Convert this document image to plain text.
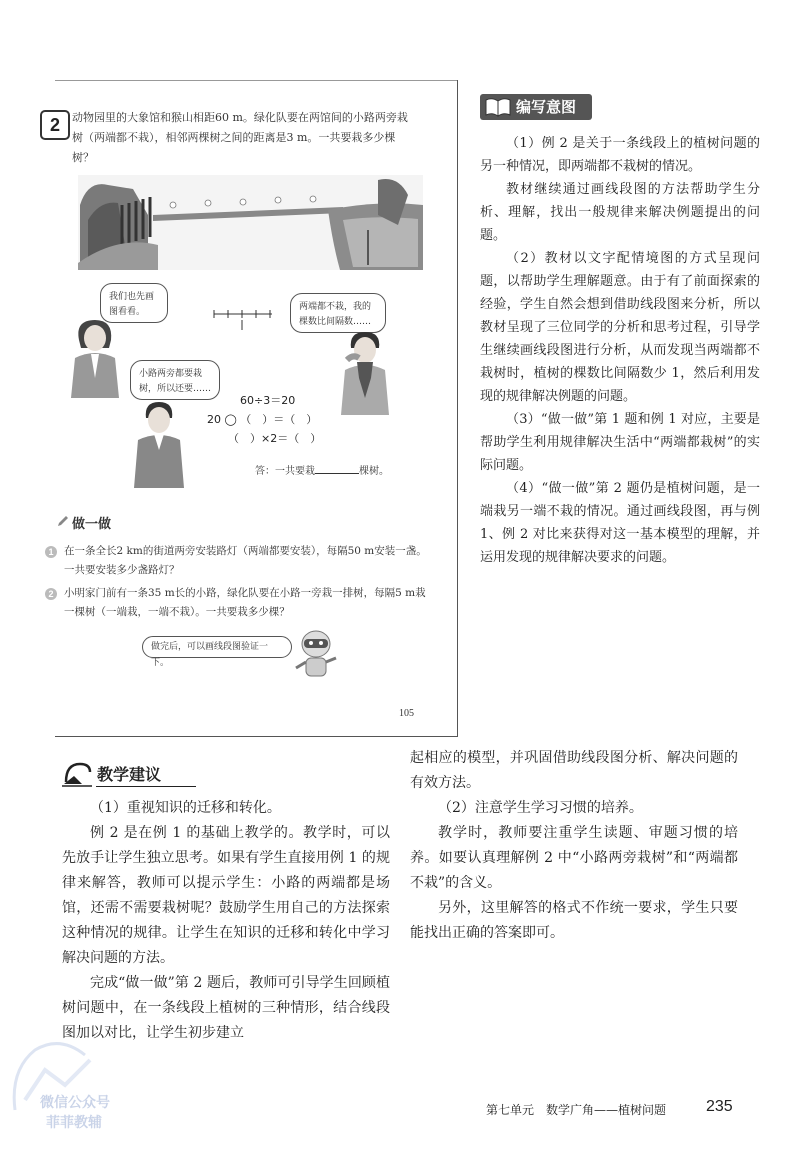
2	动物园里的大象馆和猴山相距60 m。绿化队要在两馆间的小路两旁栽树（两端都不栽），相邻两棵树之间的距离是3 m。一共要栽多少棵树？
我们也先画图看看。	两端都不栽，我的棵数比间隔数……
小路两旁都要栽树，所以还要……
60÷3＝20
20 ◯ （　）＝（　）
（　）×2＝（　）
答：一共要栽	棵树。
做一做
1	在一条全长2 km的街道两旁安装路灯（两端都要安装），每隔50 m安装一盏。一共要安装多少盏路灯？
2	小明家门前有一条35 m长的小路，绿化队要在小路一旁栽一排树，每隔5 m栽一棵树（一端栽，一端不栽）。一共要栽多少棵？
做完后，可以画线段图验证一下。
105
编写意图

（1）例 2 是关于一条线段上的植树问题的另一种情况，即两端都不栽树的情况。

教材继续通过画线段图的方法帮助学生分析、理解，找出一般规律来解决例题提出的问题。

（2）教材以文字配情境图的方式呈现问题，以帮助学生理解题意。由于有了前面探索的经验，学生自然会想到借助线段图来分析，所以教材呈现了三位同学的分析和思考过程，引导学生继续画线段图进行分析，从而发现当两端都不栽树时，植树的棵数比间隔数少 1，然后利用发现的规律解决例题的问题。

（3）“做一做”第 1 题和例 1 对应，主要是帮助学生利用规律解决生活中“两端都栽树”的实际问题。

（4）“做一做”第 2 题仍是植树问题，是一端栽另一端不栽的情况。通过画线段图，再与例 1、例 2 对比来获得对这一基本模型的理解，并运用发现的规律解决要求的问题。

教学建议

（1）重视知识的迁移和转化。

例 2 是在例 1 的基础上教学的。教学时，可以先放手让学生独立思考。如果有学生直接用例 1 的规律来解答，教师可以提示学生：小路的两端都是场馆，还需不需要栽树呢？鼓励学生用自己的方法探索这种情况的规律。让学生在知识的迁移和转化中学习解决问题的方法。

完成“做一做”第 2 题后，教师可引导学生回顾植树问题中，在一条线段上植树的三种情形，结合线段图加以对比，让学生初步建立

起相应的模型，并巩固借助线段图分析、解决问题的有效方法。

（2）注意学生学习习惯的培养。

教学时，教师要注重学生读题、审题习惯的培养。如要认真理解例 2 中“小路两旁栽树”和“两端都不栽”的含义。

另外，这里解答的格式不作统一要求，学生只要能找出正确的答案即可。

第七单元　数学广角——植树问题 235
微信公众号
菲菲教辅
